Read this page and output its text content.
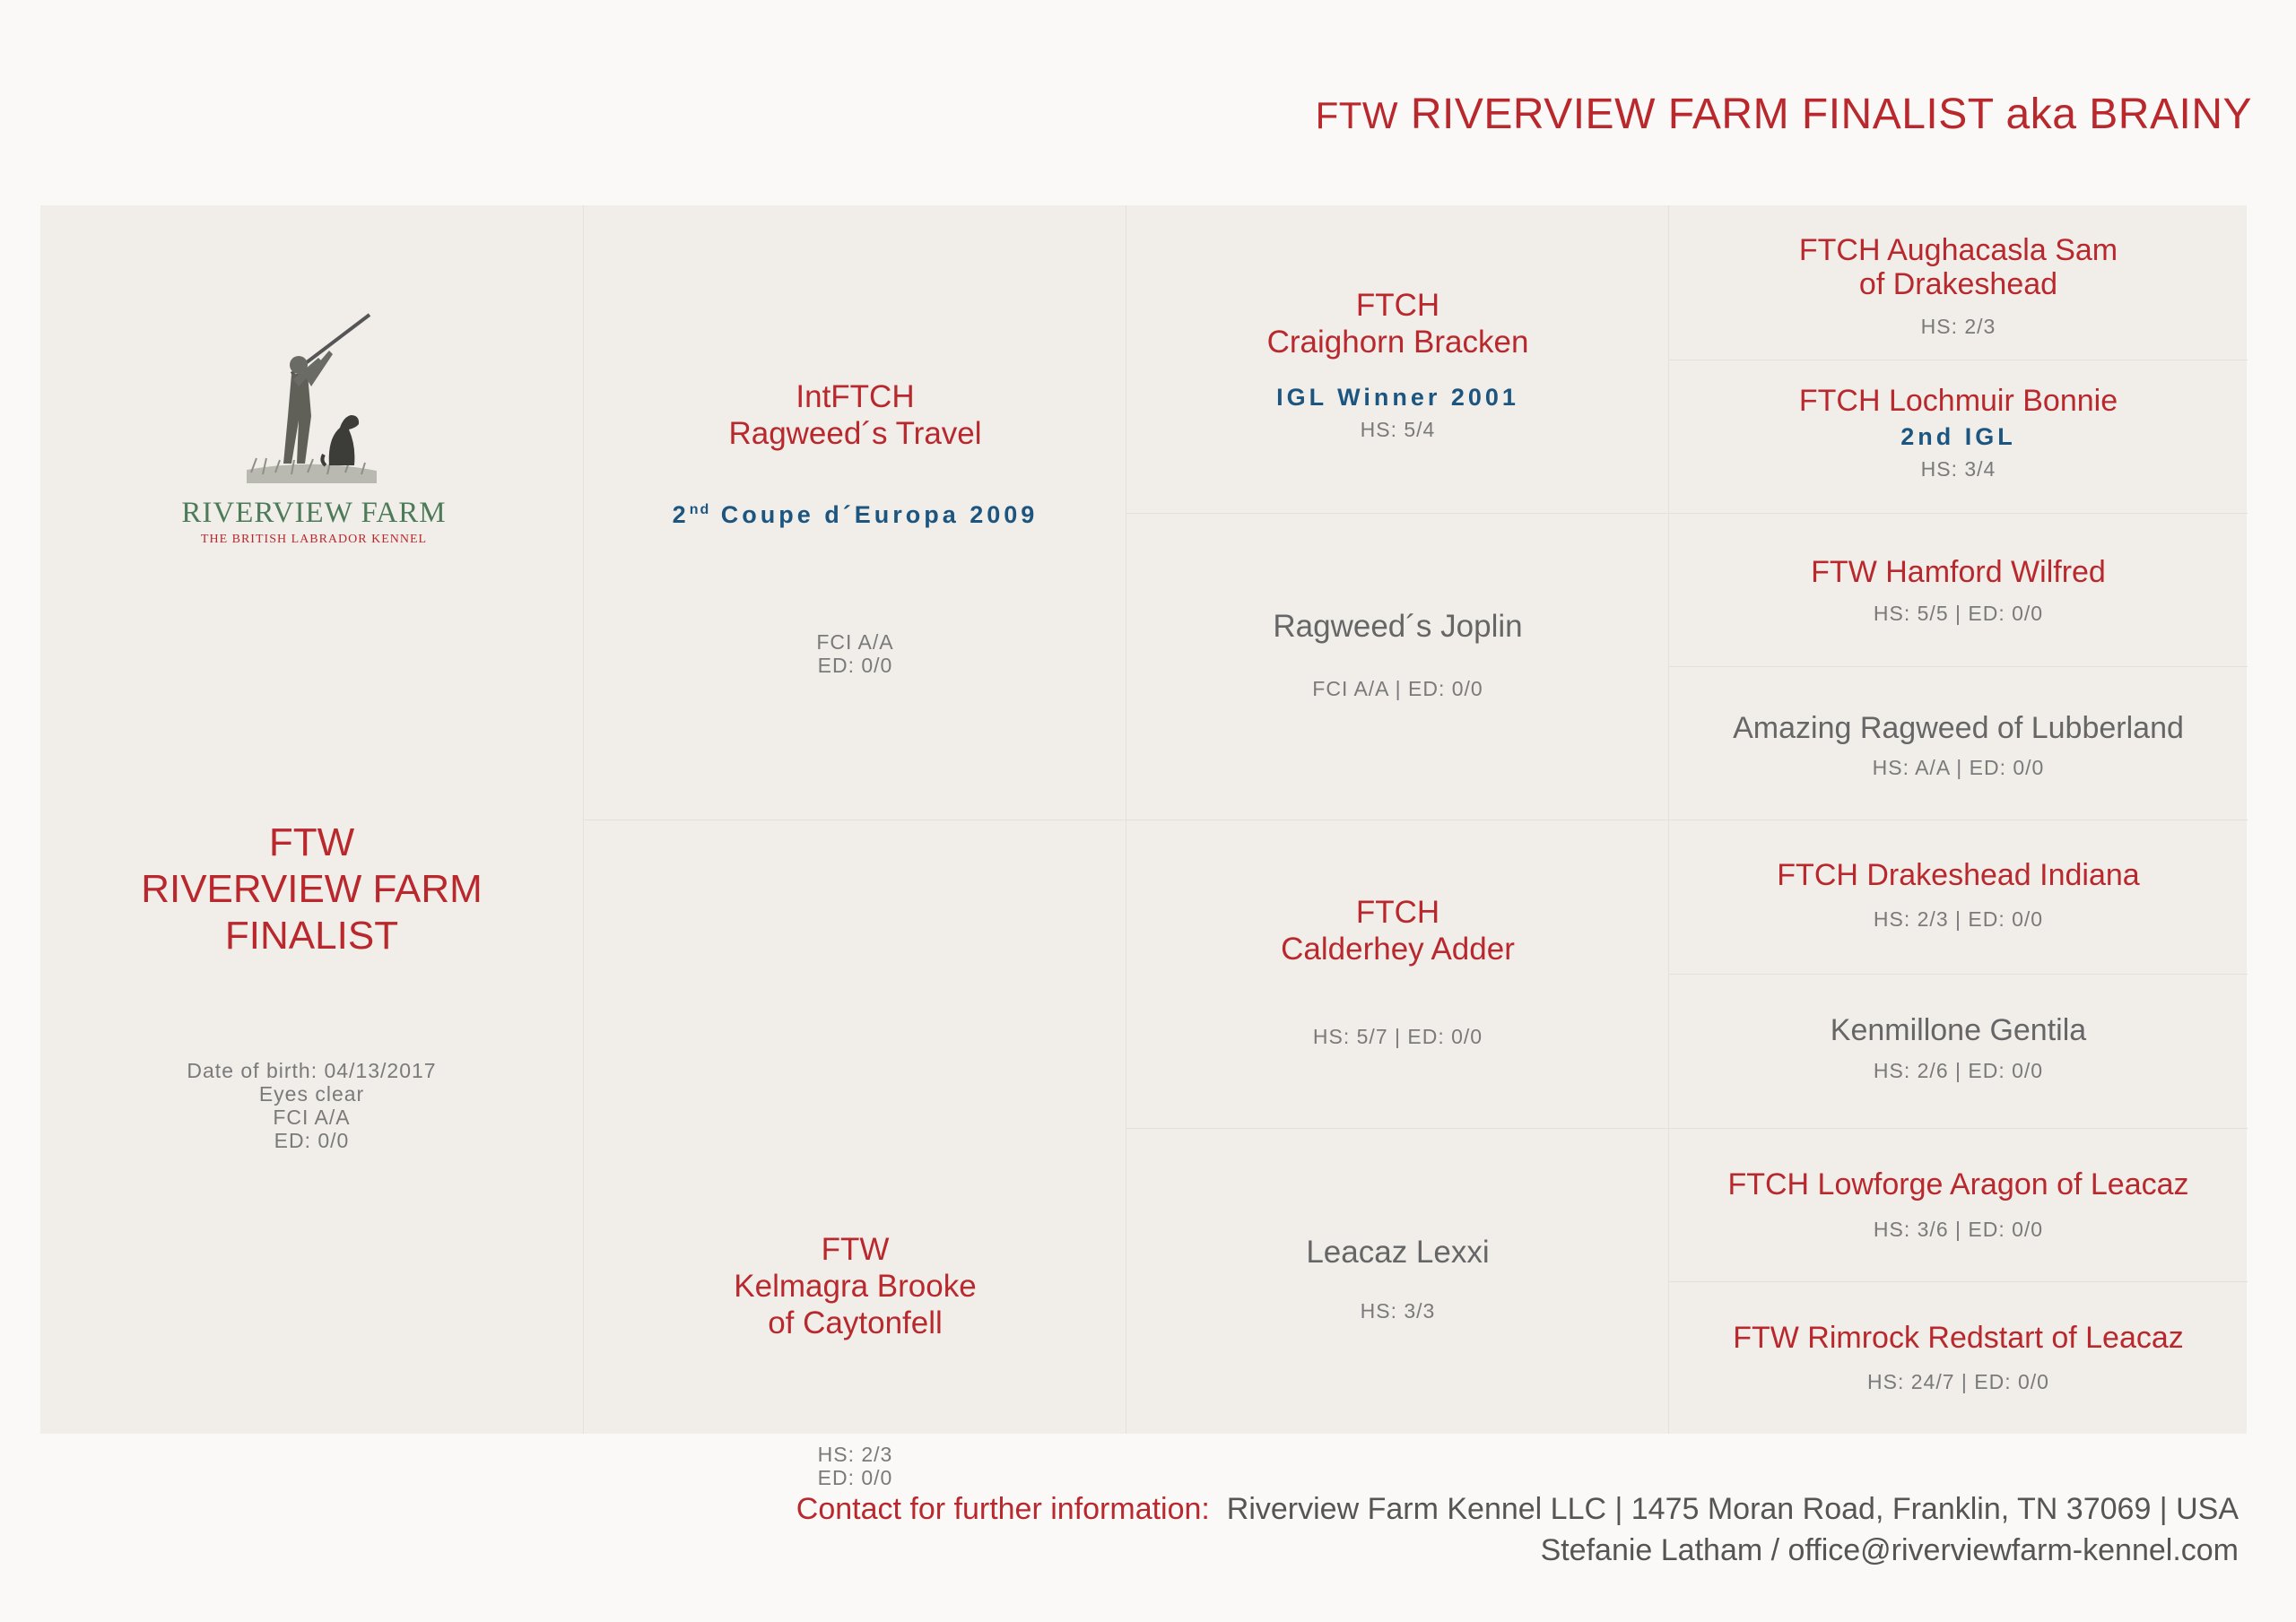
FTW RIVERVIEW FARM FINALIST aka BRAINY
RIVERVIEW FARM
THE BRITISH LABRADOR KENNEL
FTW
RIVERVIEW FARM
FINALIST
Date of birth: 04/13/2017
Eyes clear
FCI A/A
ED: 0/0
IntFTCH
Ragweed´s Travel
2nd Coupe d´Europa 2009
FCI A/A
ED: 0/0
FTW
Kelmagra Brooke
of Caytonfell
HS: 2/3
ED: 0/0
FTCH
Craighorn Bracken
IGL Winner 2001
HS: 5/4
Ragweed´s Joplin
FCI A/A | ED: 0/0
FTCH
Calderhey Adder
HS: 5/7 | ED: 0/0
Leacaz Lexxi
HS: 3/3
FTCH Aughacasla Sam
of Drakeshead
HS: 2/3
FTCH Lochmuir Bonnie
2nd IGL
HS: 3/4
FTW Hamford Wilfred
HS: 5/5 | ED: 0/0
Amazing Ragweed of Lubberland
HS: A/A | ED: 0/0
FTCH Drakeshead Indiana
HS: 2/3 | ED: 0/0
Kenmillone Gentila
HS: 2/6 | ED: 0/0
FTCH Lowforge Aragon of Leacaz
HS: 3/6 | ED: 0/0
FTW Rimrock Redstart of Leacaz
HS: 24/7 | ED: 0/0
Contact for further information: Riverview Farm Kennel LLC | 1475 Moran Road, Franklin, TN 37069 | USA
Stefanie Latham / office@riverviewfarm-kennel.com
